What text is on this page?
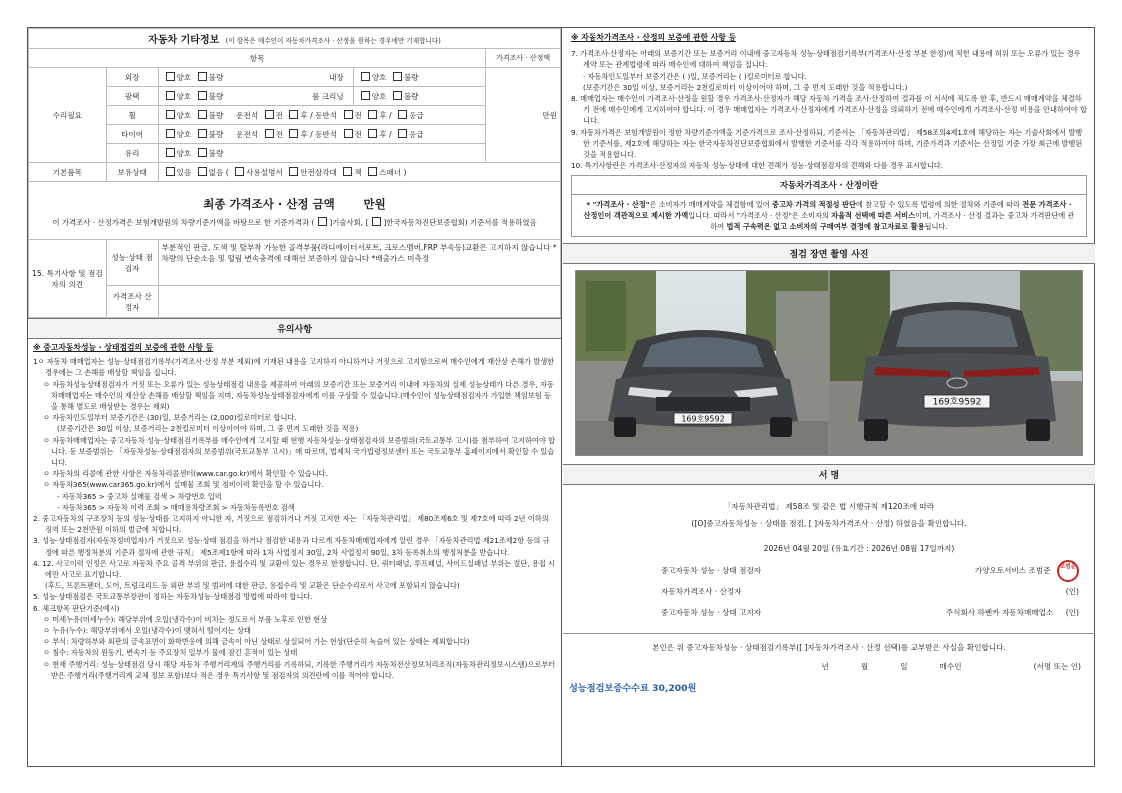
자동차 기타정보 (이 항목은 매수인이 자동차가격조사 · 산정을 원하는 경우에만 기재합니다)				
항목				가격조사 · 산정액
수리필요	외장	양호 불량 내장	양호 불량	만원
	광택	양호 불량 룸 크리닝	양호 불량	
	휠	양호 불량 운전석 전 후 / 동반석 전 후 / 응급		
	타이어	양호 불량 운전석 전 후 / 동반석 전 후 / 응급		
	유리	양호 불량		
기본품목	보유상태	있음 없음 ( 사용설명서 안전삼각대 잭 스패너 )		

최종 가격조사 · 산정 금액 만원
이 가격조사 · 산정가격은 보험개발원의 차량기준가액을 바탕으로 한 기준가격과 ( ]기술사회, [ ]한국자동차진단보증협회) 기준서를 적용하였음				

15. 특기사항 및 점검자의 의견	성능·상태 점검자	부분적인 판금, 도색 및 탈부착 가능한 골격부품(라디에이터서포트, 크로스멤버,FRP 부속등)교환은 고지하지 않습니다 *차량의 단순소음 및 떨림 변속충격에 대해선 보증하지 않습니다 *배출가스 미측정		
	가격조사 산정자			
유의사항
※ 중고자동차성능 · 상태점검의 보증에 관한 사항 등
1ㅇ 자동차 매매업자는 성능·상태점검기록부(가격조사·산정 부분 제외)에 기재된 내용을 고지하지 아니하거나 거짓으로 고지함으로써 매수인에게 재산상 손해가 발생한 경우에는 그 손해를 배상할 책임을 집니다.
ㅇ 자동차성능상태점검자가 거짓 또는 오류가 있는 성능상태점검 내용을 제공하여 아래의 보증기간 또는 보증거리 이내에 자동차의 실제 성능상태가 다른 경우, 자동차매매업자는 매수인의 재산상 손해를 배상할 책임을 지며, 자동차성능상태점검자에게 이를 구상할 수 있습니다.(매수인이 성능상태점검자가 가입한 책임보험 등을 통해 별도로 배상받는 경우는 제외)
ㅇ 자동차인도일부터 보증기간은 (30)일, 보증거리는 (2,000)킬로미터로 합니다.
(보증기간은 30일 이상, 보증거리는 2천킬로미터 이상이어야 하며, 그 중 먼저 도래한 것을 적용)
ㅇ 자동차매매업자는 중고자동차 성능·상태점검기록부를 매수인에게 고지할 때 현행 자동차성능·상태점검자의 보증범위(국토교통부 고시)를 첨부하여 고지하여야 합니다. 동 보증범위는 「자동차성능·상태점검자의 보증범위(국토교통부 고시)」에 따르며, 법제처 국가법령정보센터 또는 국토교통부 홈페이지에서 확인할 수 있습니다.
ㅇ 자동차의 리콜에 관한 사항은 자동차리콜센터(www.car.go.kr)에서 확인할 수 있습니다.
ㅇ 자동차365(www.car365.go.kr)에서 실매물 조회 및 정비이력 확인을 할 수 있습니다.
- 자동차365 > 중고차 실매물 검색 > 차량번호 입력
- 자동차365 > 자동차 이력 조회 > 매매용차량조회 > 자동차등록번호 검색
2. 중고자동차의 구조장치 등의 성능·상태를 고지하지 아니한 자, 거짓으로 점검하거나 거짓 고지한 자는 「자동차관리법」 제80조제6호 및 제7호에 따라 2년 이하의 징역 또는 2천만원 이하의 벌금에 처합니다.
3. 성능·상태점검자(자동차정비업자)가 거짓으로 성능·상태 점검을 하거나 점검한 내용과 다르게 자동차매매업자에게 알린 경우 「자동차관리법 제21조제2항 등의 규정에 따른 행정처분의 기준과 절차에 관한 규칙」 제5조제1항에 따라 1차 사업정지 30일, 2차 사업정지 90일, 3차 등록취소의 행정처분을 받습니다.
4. 12. 사고이력 인정은 사고로 자동차 주요 골격 부위의 판금, 용접수리 및 교환이 있는 경우로 한정합니다. 단, 쿼터패널, 루프패널, 사이드실패널 부위는 절단, 용접 시에만 사고로 표기합니다.
(후드, 프론트펜더, 도어, 트렁크리드 등 외판 부위 및 범퍼에 대한 판금, 용접수리 및 교환은 단순수리로서 사고에 포함되지 않습니다)
5. 성능·상태점검은 국토교통부장관이 정하는 자동차성능·상태점검 방법에 따라야 합니다.
6. 체크항목 판단기준(예시)
ㅇ 미세누유(미세누수): 해당부위에 오일(냉각수)이 비치는 정도로서 부품 노후로 인한 현상
ㅇ 누유(누수): 해당부위에서 오일(냉각수)이 맺혀서 떨어지는 상태
ㅇ 부식: 차량하부와 외판의 금속표면이 화학반응에 의해 금속이 아닌 상태로 상실되어 가는 현상(단순히 녹슬어 있는 상태는 제외합니다)
ㅇ 침수: 자동차의 원동기, 변속기 등 주요장치 일부가 물에 잠긴 흔적이 있는 상태
ㅇ 현재 주행거리: 성능·상태점검 당시 해당 자동차 주행거리계의 주행거리를 기록하되, 기록한 주행거리가 자동차전산정보처리조직(자동차관리정보시스템)으로부터 받은 주행거리(주행거리계 교체 정보 포함)보다 적은 경우 특기사항 및 점검자의 의견란에 이를 적어야 합니다.
※ 자동차가격조사 · 산정의 보증에 관한 사항 등
7. 가격조사·산정자는 아래의 보증기간 또는 보증거리 이내에 중고자동차 성능·상태점검기록부(가격조사·산정 부분 한정)에 적힌 내용에 허위 또는 오류가 있는 경우 계약 또는 관계법령에 따라 매수인에 대하여 책임을 집니다.
· 자동차인도일부터 보증기간은 ( )일, 보증거리는 ( )킬로미터로 합니다.
(보증기간은 30일 이상, 보증거리는 2천킬로미터 이상이어야 하며, 그 중 먼저 도래한 것을 적용합니다.)
8. 매매업자는 매수인이 가격조사·산정을 원할 경우 가격조사·산정자가 해당 자동차 가격을 조사·산정하여 결과를 이 서식에 적도록 한 후, 반드시 매매계약을 체결하기 전에 매수인에게 고지하여야 합니다. 이 경우 매매업자는 가격조사·산정자에게 가격조사·산정을 의뢰하기 전에 매수인에게 가격조사·산정 비용을 안내하여야 합니다.
9. 자동차가격은 보험개발원이 정한 차량기준가액을 기준가격으로 조사·산정하되, 기준서는 「자동차관리법」 제58조의4제1호에 해당하는 자는 기술사회에서 발행한 기준서를, 제2호에 해당하는 자는 한국자동차진단보증협회에서 발행한 기준서를 각각 적용하여야 하며, 기준가격과 기준서는 산정일 기준 가장 최근에 발행된 것을 적용합니다.
10. 특기사항란은 가격조사·산정자의 자동차 성능·상태에 대한 견해가 성능·상태점검자의 견해와 다를 경우 표시합니다.
자동차가격조사 · 산정이란
* "가격조사 · 산정"은 소비자가 매매계약을 체결함에 있어 중고차 가격의 적절성 판단에 참고할 수 있도록 법령에 의한 절차와 기준에 따라 전문 가격조사 · 산정인이 객관적으로 제시한 가액입니다. 따라서 "가격조사 · 산정"은 소비자의 자율적 선택에 따른 서비스이며, 가격조사 · 산정 결과는 중고차 가격판단에 관하여 법적 구속력은 없고 소비자의 구매여부 결정에 참고자료로 활용됩니다.
점검 장면 촬영 사진
169호9592
169호9592
서 명
「자동차관리법」 제58조 및 같은 법 시행규칙 제120조에 따라
([O]중고자동차성능 · 상태를 점검, [ ]자동차가격조사 · 산정) 하였음을 확인합니다.
2026년 04월 20일 (유효기간 : 2026년 08월 17일까지)
중고자동차 성능 · 상태 점검자	가양오토서비스 조범준 조범준
자동차가격조사 · 산정자	(인)
중고자동차 성능 · 상태 고지자	주식회사 하벤카 자동차매매업소 (인)
본인은 위 중고자동차성능 · 상태점검기록부([ ]자동차가격조사 · 산정 선택)를 교부받은 사실을 확인합니다.
년	월	일	매수인	(서명 또는 인)
성능점검보증수수료 30,200원
